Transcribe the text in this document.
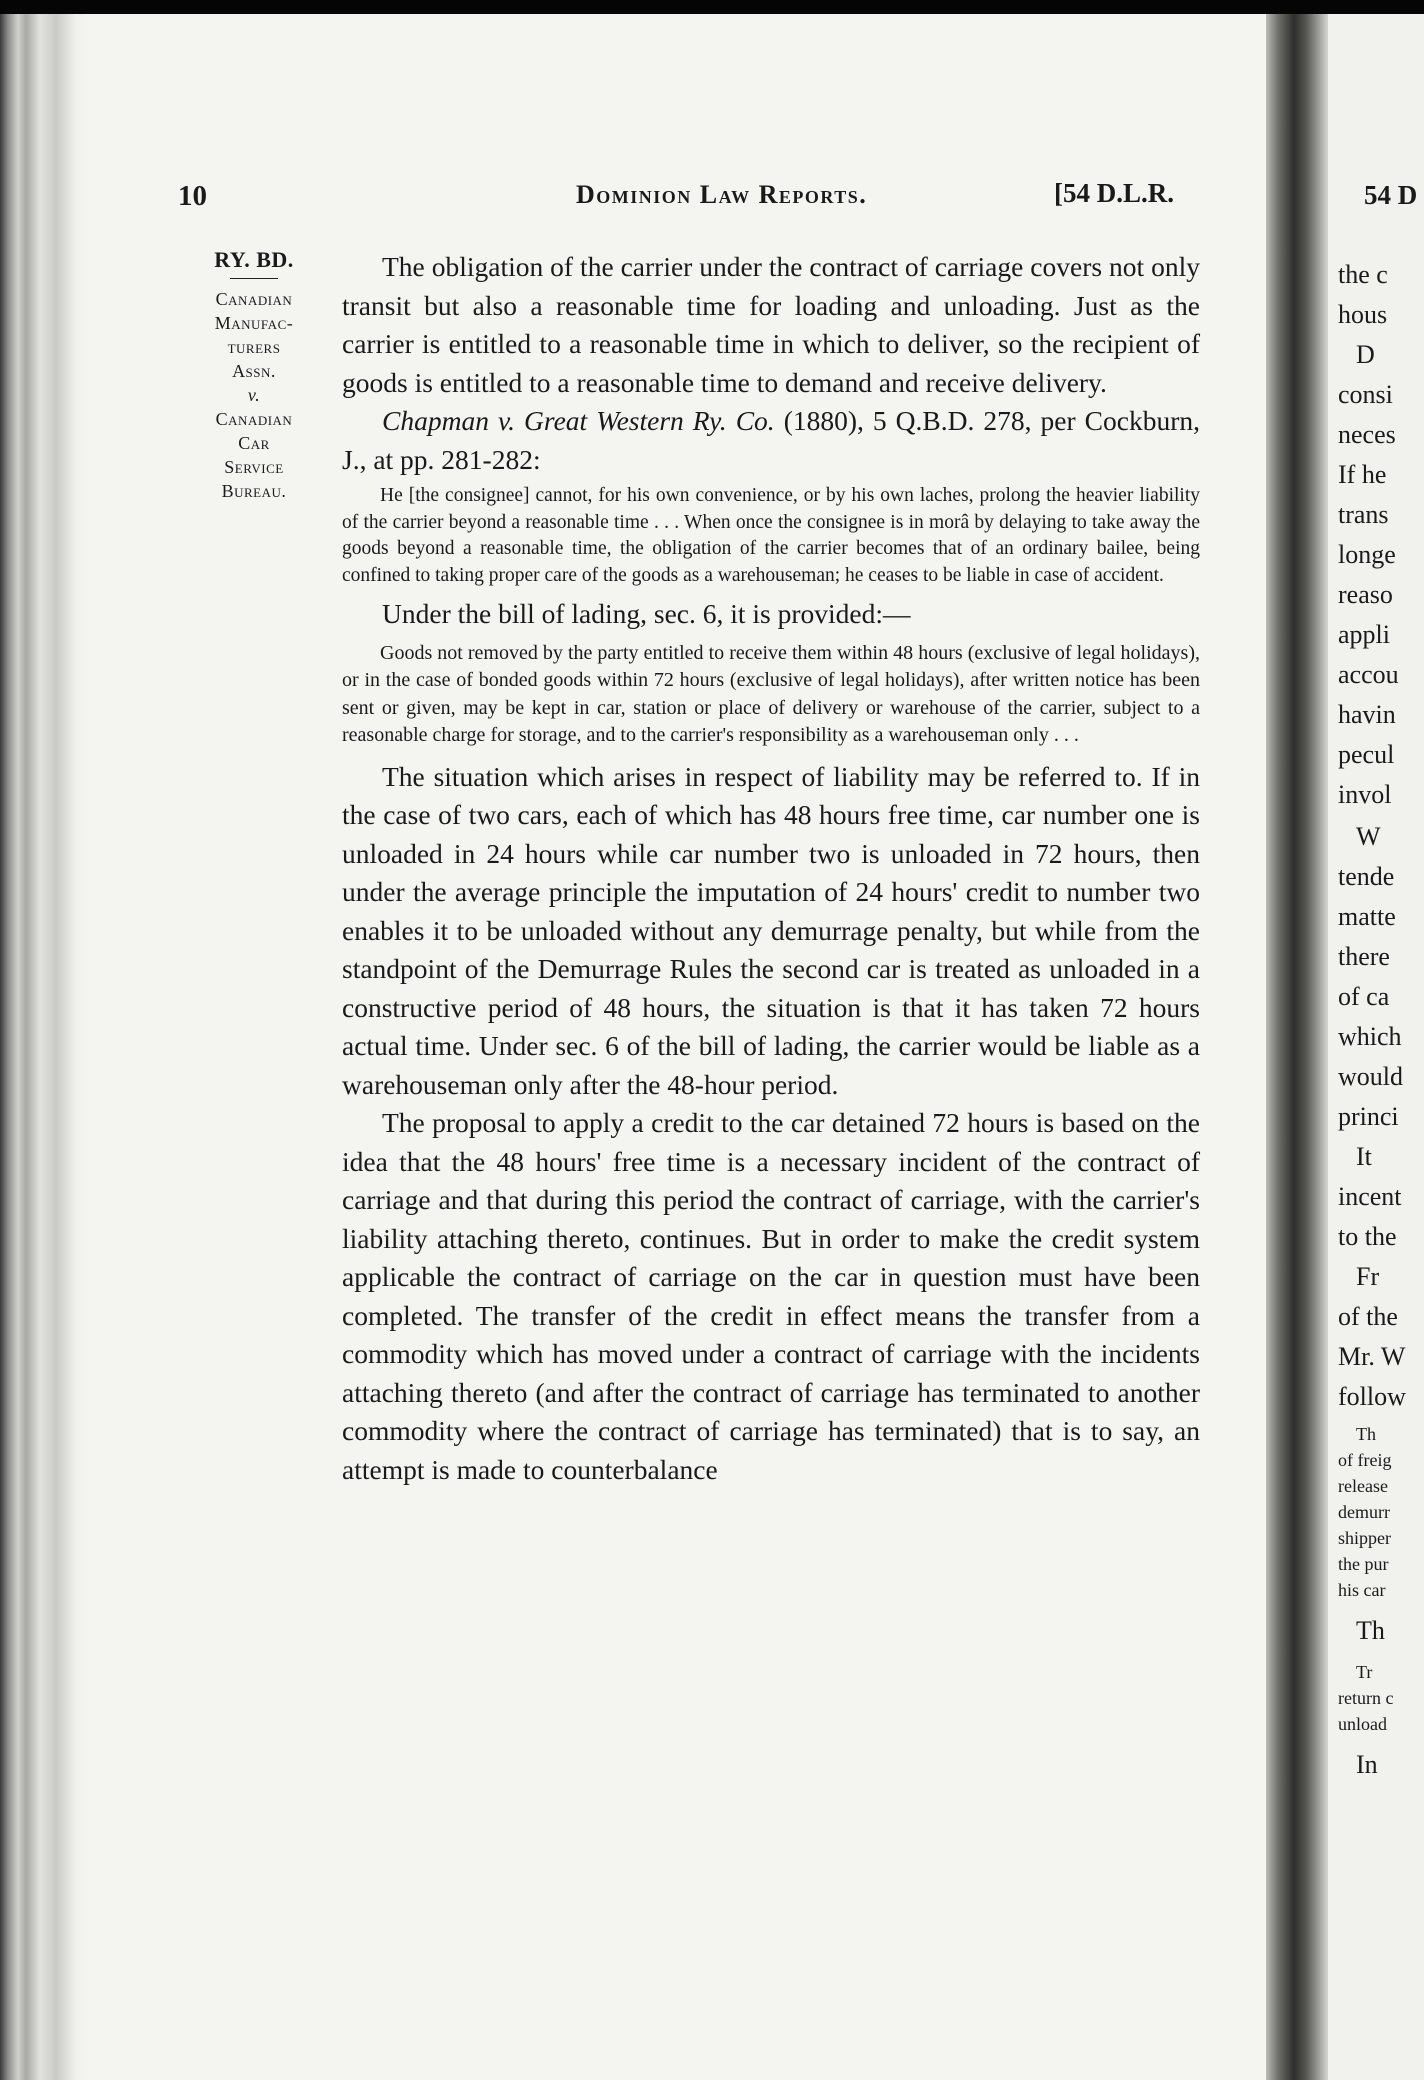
10	Dominion Law Reports.	[54 D.L.R.
RY. BD.
Canadian
Manufac-
turers
Assn.
v.
Canadian
Car
Service
Bureau.

The obligation of the carrier under the contract of carriage covers not only transit but also a reasonable time for loading and unloading. Just as the carrier is entitled to a reasonable time in which to deliver, so the recipient of goods is entitled to a reasonable time to demand and receive delivery.

Chapman v. Great Western Ry. Co. (1880), 5 Q.B.D. 278, per Cockburn, J., at pp. 281-282:

He [the consignee] cannot, for his own convenience, or by his own laches, prolong the heavier liability of the carrier beyond a reasonable time . . . When once the consignee is in morâ by delaying to take away the goods beyond a reasonable time, the obligation of the carrier becomes that of an ordinary bailee, being confined to taking proper care of the goods as a warehouseman; he ceases to be liable in case of accident.

Under the bill of lading, sec. 6, it is provided:—

Goods not removed by the party entitled to receive them within 48 hours (exclusive of legal holidays), or in the case of bonded goods within 72 hours (exclusive of legal holidays), after written notice has been sent or given, may be kept in car, station or place of delivery or warehouse of the carrier, subject to a reasonable charge for storage, and to the carrier's responsibility as a warehouseman only . . .

The situation which arises in respect of liability may be referred to. If in the case of two cars, each of which has 48 hours free time, car number one is unloaded in 24 hours while car number two is unloaded in 72 hours, then under the average principle the imputation of 24 hours' credit to number two enables it to be unloaded without any demurrage penalty, but while from the standpoint of the Demurrage Rules the second car is treated as unloaded in a constructive period of 48 hours, the situation is that it has taken 72 hours actual time. Under sec. 6 of the bill of lading, the carrier would be liable as a warehouseman only after the 48-hour period.

The proposal to apply a credit to the car detained 72 hours is based on the idea that the 48 hours' free time is a necessary incident of the contract of carriage and that during this period the contract of carriage, with the carrier's liability attaching thereto, continues. But in order to make the credit system applicable the contract of carriage on the car in question must have been completed. The transfer of the credit in effect means the transfer from a commodity which has moved under a contract of carriage with the incidents attaching thereto (and after the contract of carriage has terminated to another commodity where the contract of carriage has terminated) that is to say, an attempt is made to counterbalance

54 D
the c
hous
D
consi
neces
If he
trans
longe
reaso
appli
accou
havin
pecul
invol
W
tende
matte
there
of ca
which
would
princi
It
incent
to the
Fr
of the
Mr. W
follow
Th
of freig
release
demurr
shipper
the pur
his car
Th
Tr
return c
unload
In
